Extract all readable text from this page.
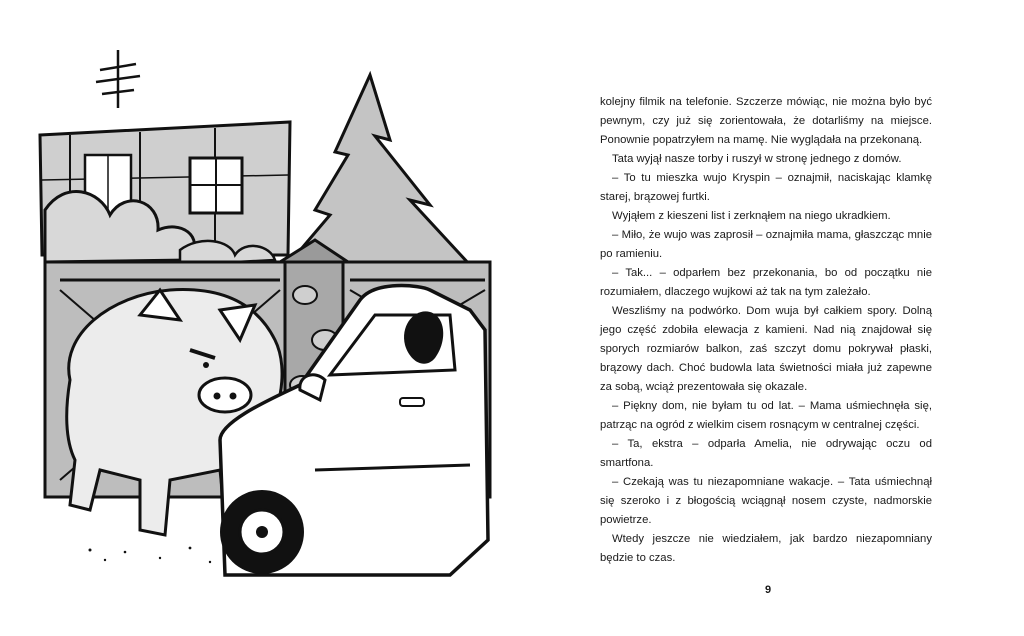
kolejny filmik na telefonie. Szczerze mówiąc, nie można było być pewnym, czy już się zorientowała, że dotarliśmy na miejsce. Ponownie popatrzyłem na mamę. Nie wyglądała na przekonaną.

Tata wyjął nasze torby i ruszył w stronę jednego z domów.

– To tu mieszka wujo Kryspin – oznajmił, naciskając klamkę starej, brązowej furtki.

Wyjąłem z kieszeni list i zerknąłem na niego ukradkiem.

– Miło, że wujo was zaprosił – oznajmiła mama, głaszcząc mnie po ramieniu.

– Tak... – odparłem bez przekonania, bo od początku nie rozumiałem, dlaczego wujkowi aż tak na tym zależało.

Weszliśmy na podwórko. Dom wuja był całkiem spory. Dolną jego część zdobiła elewacja z kamieni. Nad nią znajdował się sporych rozmiarów balkon, zaś szczyt domu pokrywał płaski, brązowy dach. Choć budowla lata świetności miała już zapewne za sobą, wciąż prezentowała się okazale.

– Piękny dom, nie byłam tu od lat. – Mama uśmiechnęła się, patrząc na ogród z wielkim cisem rosnącym w centralnej części.

– Ta, ekstra – odparła Amelia, nie odrywając oczu od smartfona.

– Czekają was tu niezapomniane wakacje. – Tata uśmiechnął się szeroko i z błogością wciągnął nosem czyste, nadmorskie powietrze.

Wtedy jeszcze nie wiedziałem, jak bardzo niezapomniany będzie to czas.

9
